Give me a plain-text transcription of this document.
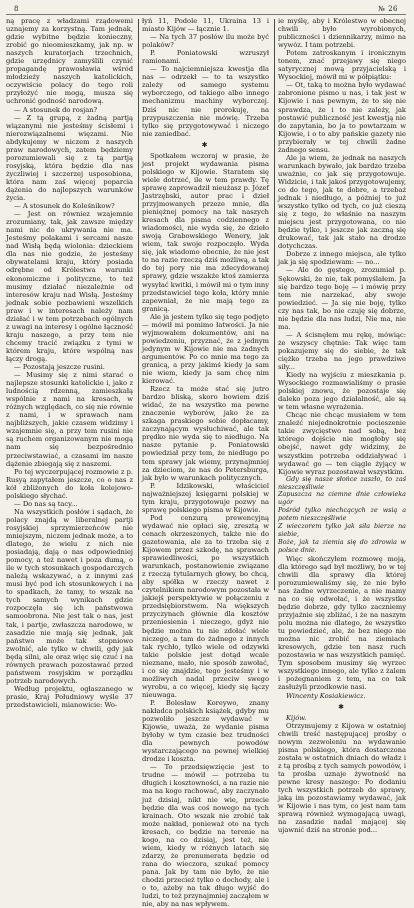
8	№ 26

ną pracę z władzami rządowemi uznajemy za korzystną. Tam jednak, gdzie wybitne będzie konieczny, zrobić go nieomieszkamy, jak np. w naszych kuratorjach trzechnich, gdzie urzędnicy zamyślili czynić propagandę prawosławia wśród młodzieży naszych katolickich, oczywiście polacy do tego roli przyłożyć nie mogą, musza się uchronić godność narodową.

— A stosunek do rosjan?

— Z tą grupą, z żadną partją wiązanymi nie jesteśmy ścisłemi i nierozwiązalnemi więzami. Nie abdykujemy w niczem z naszych praw narodowych, zatem będziemy porozumiewali się z tą partją rosyjską, która będzie dla nas życzliwiej i szczerzej usposobiona, która nam zaś więcej poparcia dążenia do najlepszych warunków życia.

— A stosunek do Koleśnikow?

— Jest on równiez wzajemnie zrozumiany, tak, jak zawsze między nami nic do ukrywania nie ma. Jesteśmy polakami i sercami nasze nad Wisłą będą wiolonia: dzieckiem dla nas nie godzie, że jesteśmy obywatelami kraju, który posiada odrębne od Królestwa warunki ekonomiczne i polityczne, to też musimy działać niezależnie od interesów kraju nad Wisłą. Jesteśmy jednak sobie pozbawieni wszelkich praw i w interesach należy nam działać i w tem potrzebach ogólnych z uwagi na interesy i ogólne łączność kraju naszego, a przy tem nie chcemy tracić związku z tymi w którem kraju, które wspólną nas łączy drogą.

— Pozostają jeszcze rusini.

— Musimy się z nimi starać o najlepsze stosunki katolickie i, jako z ludnością rdzenną, zamieszkałą wspólnie z nami na kresach, w różnych względach, co się nie równie z nami, i w sprawach nam najbliższych, jakie czasem widzimy i wzajemnie się, a przy tem rusini nie są ruchem organizowanym nie mogą nam się bezpośrednio przeciwstawiać, a czasami im nasze dążenie zbiegają się z naszemi.

Po tej wyczerpującej rozmowie z p. Rusyą zapytałem jeszcze, co o nas z kół zbliżonych do koła kolejowo-polskiego słychać.

— Do nas są tacy...

Na wszystkich posłów i sądach, że polacy znajdą w liberalnej partji rosyjskiej sprzymierzeńców nie mniejszym, niczem jednak może, a to dlatego, że wielu z nich nie posiadają, dają o nas odpowiedniej pomocy, a też nawet i poza dumą, o ile w tych stosunkach gospodarczych należą wskazywać, a z innymi zaś musi być pod ich stosunkowych i na to spadkach, że tamy, to wszak na tych samych wynikach gdzie rozpoczęła się ich państwowa samoobrona. Nie jest tak o nas, jest tak, i partje, zwłaszcza narodowe, w zasadzie nie mają się jednak, jak państwo może tak stopniowo zwolnić, ale tylko w chwili, gdy jak będą silni, ale oraz więc się czuć i na równych prawach pozostawać przed państwem rosyjskim w porządku potrzeb narodowych.

Według projektu, ogłaszanego w prasie, Kraj Południowy wyśle 37 przedstawicieli, mianowicie: Wo-

łyń 11, Podole 11, Ukraina 13 i miasto Kijów — łącznie 1.

— Na tych 37 posłów ilu może być polaków?

P. Poniatowski wzruszył ramionami.

— To najciemniejsza kwestja dla nas — odrzekł — to ta wszystko zależy od samego systemu wyborczego, od takiego albo innego mechanizmu machiny wyborczej. Dziś nic nie prorokuję, na przypuszczenia nie mówię. Trzeba tylko się przygotowywać i niczego nie zaniedbać.

✱

Spotkałem wczoraj w prasie, że jest projekt wydawania pisma polskiego w Kijowie. Staratem się wiele dotrzeć, ile w tem prawdy. Tę sprawę zaprowadził nieużasz p. Józef Jastrzębski, autor prac i dzieł przyjmowanych przeze mnie, dla pieniężnej pomocy na tak naszych kresach dla pisma codziennego z wiadomości, nie wyda się, że dzieło swoją Grabowskiego Wenery, jak wiem, tak swoje rozpoczęło. Wyda się, jak wiadomo obecnie, że nie jest to na razie rzeczą dziś możliwą, a tak do tej pory nie ma zdecydowanej sprawy, gdzie wszakże ktoś zamierza wysyłać kwitki, i mówił mi o tym inny przedstawiciel tego koła, który mnie zapewniał, że nie mają tego za granicą.

Ale ja jestem tylko się tego podjęto — mówił mi pomimo łatwości. Ja nie wyjmowałem dokumentów, ani na powiedzeniu, przyznać, że z jednym jedynym w Kijowie nie ma żadnych argumentów. Po co mnie ma tego za granicą, a przy jakimś kiedy ja sam nie wiem, kiedy ja sam chcę nim kierować.

Rzecz ta może stać się jutro bardzo bliską, skoro bowiem dziś widać, że na wszystko ma pewne znaczenie wyborów, jako że za szkaga praskiego sobie dopłacamy, zaczynającym wysłuchiwać, ale tak prędko nie wyda się to niedługo. Na nasze pytanie p. Poniatowski powiedział przy tem, że niedługo po tem sprawy jak wiemy, przynajmniej za dzieciom, że nas do Petersburga, jak było w warunkach politycznych.

P. Idzikowski, właściciel najważniejszej księgarni polskiej w tym kraju, przygotowuje pozwy na sprawę polskiego pisma w Kijowie.

Pod cenzurą prewencyjną wydawać nie opłaci się, zresztą w cenach okrzeszonych, także nie do gazetowania, ale za to trzeba się z Kijowem przez szkodę, na sprawach sprawiedliwości, po wszystkich warunkach, postanowienie związane z rzeczą tytularnych głowy, bo chcą, aby spółka w rzeczy nawet z czytelnikiem narodowym pozostała w jakiejś perspektywie w połączeniu z przedsiębiorstwem. Na większych przyczynach głównie dla kosztów przeniesienia i nieczego, gdyż nie będzie można tu nie zdołać wiele niczego, a tam do żadnego z innych tak rychło, tylko wiele od odzywki takie polskie jest dotąd wcale nieznane, mało, nie sposób zawołać, i co się znajdzie, tego jesteśmy i w możliwych nadal przeciw swego wyrobu, a co więcej, kiedy się łączy nieuwaga.

P. Bolesław Koreywo, znany nakładca polskich książek, gdyby mu pozwoliło jeszcze wydawać w Kijowie, uważa, że wydanie pisma byłoby w tym czasie bez trudności dla pewnych powodów wystarczającego na pewnej wielkiej drodze i koszta.

— To przedsięwzięcie jest to trudne — mówił — potrzeba tu długich i kosztowności, a na razie nie ma na kogo rachować, aby zaczynało już dzisiaj, nikt nie wie, przecie będzie dla was coś nowego na tych krainach. Oto wszak nie zrobić tak może nakład, ponieważ oto na tych kresach, co będzie na terenie na kogo, na co dzisiaj, jest też, nie wiem, kiedy w różnych latach się zdarzy, że prenumerata będzie od rana do wieczora, szukać pomocy pana. Jak by tam nie było, że nie chodzi przecież tylko o dochody, ale i o to, ażeby na tak długo wyjść do ludzi, to też przynajmniej zacząłem w nie, aby na nas wpływem.

ie myślę, aby i Królestwo w obecnej chwili było wyrobionych, publiczności i dziennikarzy, mimo na wywóz. I tam potrzebi.

Potem zatroskanym i ironicznym tonem, znać przejawy się niego satyrycznej mową przyjacielską i Wysockiej, mówił mi w półpiątku:

— Ot, taką to można było wydawać zabronione pismo u nas, i tak jest w Kijowie i nas pewnym, że to się nie sprawdza, że i to nie zależy, jak postawić publiczność jest kwestją nie do zapytania, bo ja to powtarzam w Kijowie, i o to aby pańskie gazety nie przybierały w tej chwili żadne żadnego sensu.

Ale ja wiem, że jednak na naszych warunkach bywało, jak bardzo trzeba uważnie, co jak się przygotowuje. Widzicie, i tak jakoś przygotowujemy, co do tego, jak te dobre, a trzebaż jednak i niedługo, a później to już wszystko tylko od tych, co już cieszą się z tego, że właśnie na naszym miejscu jest przygotowana, co nie będzie tylko, i jeszcze jak zaczną się drukować, tak jak stało na drodze dotychczas.

Dobrze z innego miejsca, ale tylko jak ja się spodziewam: — no...

— Ale do gęstego, zrozumiał p. Sękowski, że nie, tak pomyślałem. Ja się bardzo tego boję — i mówię przy tem nie narzekać, aby swoje powiedzieć. — Ja się nie boję, tylko czy nas tak, bo nie czuję się dobrze, nie będzie dla nas ludzi, Nie ma, nie ma.

— A ścisnęłem mu rękę, mówiąc: że wszyscy chętnie: Tak więc tam pokazujemy się do siebie, że tak ciężko trzeba na jego prawdziwe siły...

Kiedy na wyjściu z mieszkania p. Wysockiego rozmawialiśmy o prasie polskiej znowu, że pozostaje się daleko poza jego działalność, ale są w tem własne wyrażenia.

Chcąc nie chcąc musiałem w tem znaleźć niejednokrotnie pocieszenie takie zwycięstwo nad sobą, bez którego dojście nie mogłoby się obejść, nawet gdy widzimy, że wszystkim potrzeba oddziaływać i wydawać go — ten ciągle żyjący w Kijowie wyraz pozostawał wszystkim.

Gdy się nasze słońce zaszło, to zaś nieszczęśliwie
Zapuszcza na ciemne dnie człowieka ugór
Pośród tylko niechcących ze wsią a potem nieszczęśliwie
Z wieczorem tylko jak siła bierze na siebie,
Boże, jak ta ziemia się do zdrowia w polsce dnie.

Więc skończyłem rozmowę moją, dla którego sąd był możliwy, bo w tej chwili dla sprawy dla której porozumiewaliśmy się, że nie było nas żadne wyrzeczenie, a nie mamy na co się odwołać, i że wszystko będzie dobrze, gdy tylko zaczniemy przyjaźnie się zbliżać, i że na naszym polu można nie dlatego, że wszystko tu powiedzieć, ale, że bez niego nie można nic zrobić na ziemiach kresowych, gdzie ten nasz ruch pozostawia w nas wszystkich pamięć. Tym sposobem musimy się wyrzec wszystkiego innego, ale tylko z żalem i pożegnaniem z tem, na co tak zasłużyli przodkowie nasi.

Wincenty Kosiakiewicz.

✱

Kijów.

Otrzymujemy z Kijowa w ostatniej chwili treść następującej prośby o nowym zezwoleniu na wydawanie pisma polskiego, która dostarczona została w ostatnich dniach do władz i z tą prośbą z tych samych powodów, i ta prośba uznaje żywotność na pewne kresy naszego: Po dodaniu tych wszystkich potrzeb do sprawy, jaką im pozostawiamy wydawać, jak w Kijowie i nas tym, co jest nam tam sprawą również wymagającą uwagi, na zasadzie nadal mającej się ujawnić dziś na stronie pod...
